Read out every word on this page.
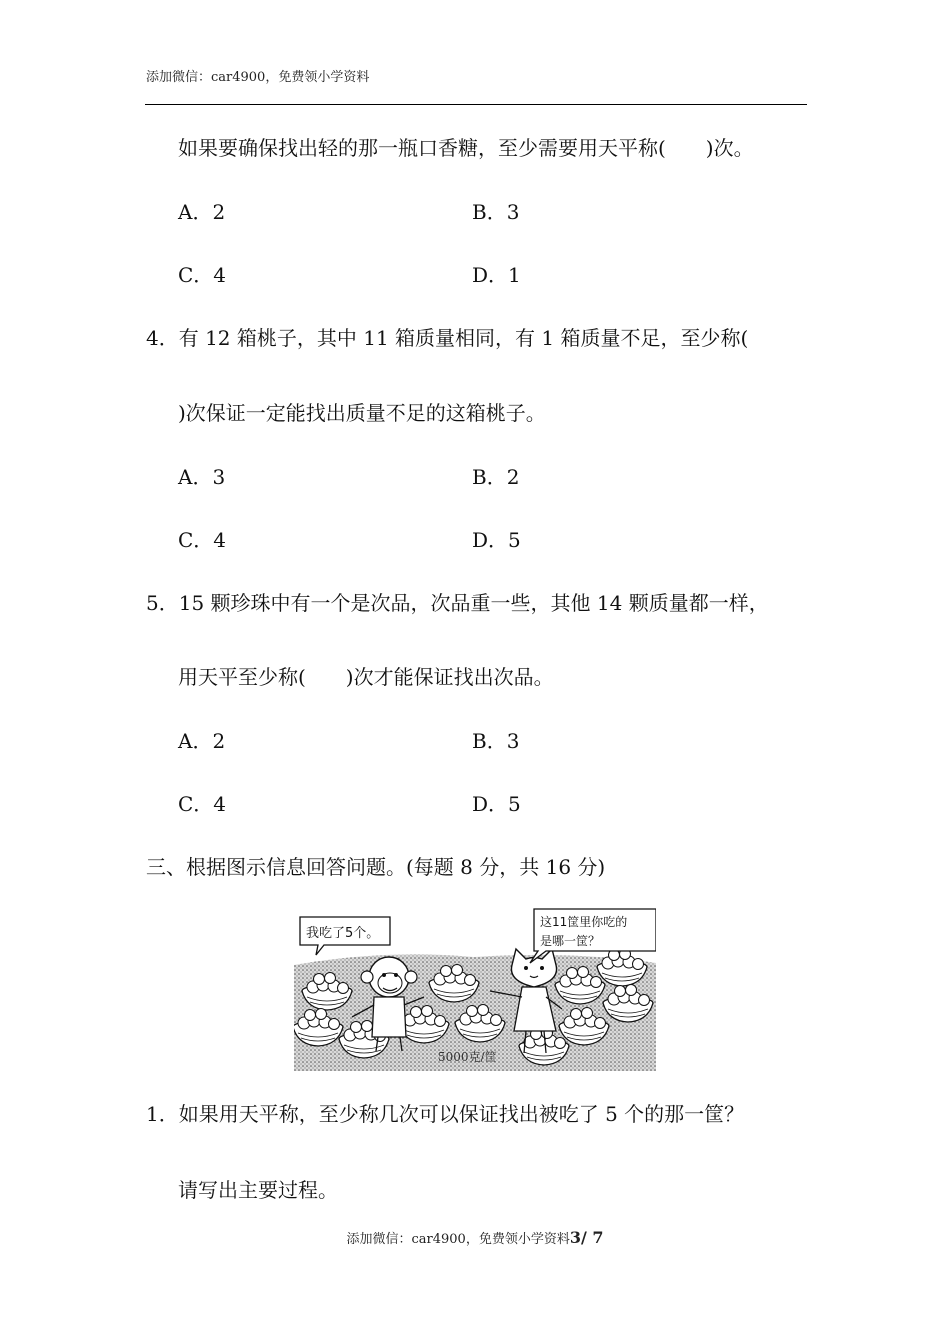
添加微信：car4900，免费领小学资料
如果要确保找出轻的那一瓶口香糖，至少需要用天平称(　　)次。
A．2	B．3
C．4	D．1
4．有 12 箱桃子，其中 11 箱质量相同，有 1 箱质量不足，至少称(
)次保证一定能找出质量不足的这箱桃子。
A．3	B．2
C．4	D．5
5．15 颗珍珠中有一个是次品，次品重一些，其他 14 颗质量都一样，
用天平至少称(　　)次才能保证找出次品。
A．2	B．3
C．4	D．5
三、根据图示信息回答问题。(每题 8 分，共 16 分)
我吃了5个。
这11筐里你吃的
是哪一筐？
5000克/筐
1．如果用天平称，至少称几次可以保证找出被吃了 5 个的那一筐？
请写出主要过程。
添加微信：car4900，免费领小学资料3/ 7
